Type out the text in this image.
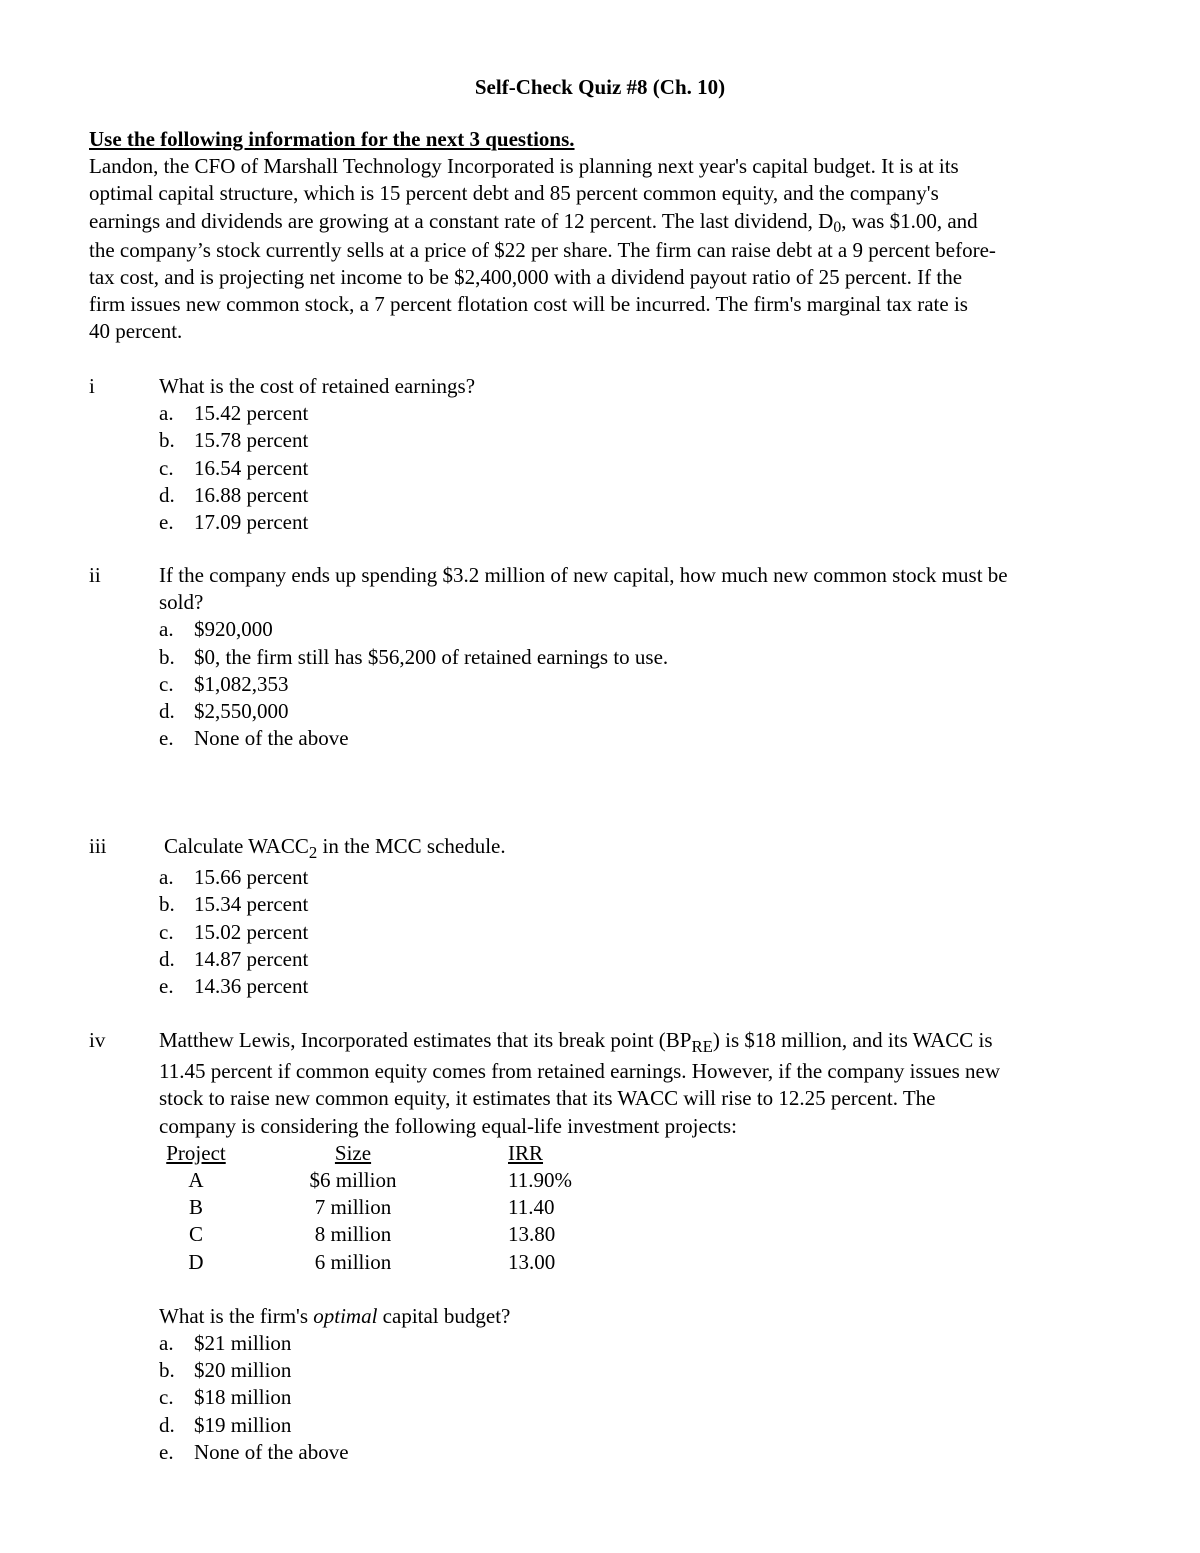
Self-Check Quiz #8 (Ch. 10)
Use the following information for the next 3 questions.
Landon, the CFO of Marshall Technology Incorporated is planning next year's capital budget. It is at its
optimal capital structure, which is 15 percent debt and 85 percent common equity, and the company's
earnings and dividends are growing at a constant rate of 12 percent. The last dividend, D0, was $1.00, and
the company’s stock currently sells at a price of $22 per share. The firm can raise debt at a 9 percent before-
tax cost, and is projecting net income to be $2,400,000 with a dividend payout ratio of 25 percent. If the
firm issues new common stock, a 7 percent flotation cost will be incurred. The firm's marginal tax rate is
40 percent.
i	What is the cost of retained earnings?
a. 15.42 percent
b. 15.78 percent
c. 16.54 percent
d. 16.88 percent
e. 17.09 percent
ii	If the company ends up spending $3.2 million of new capital, how much new common stock must be
sold?
a. $920,000
b. $0, the firm still has $56,200 of retained earnings to use.
c. $1,082,353
d. $2,550,000
e. None of the above
iii	Calculate $WACC_2$ in the MCC schedule.
a. 15.66 percent
b. 15.34 percent
c. 15.02 percent
d. 14.87 percent
e. 14.36 percent
iv	Matthew Lewis, Incorporated estimates that its break point $(BP_{RE})$ is $18 million, and its WACC is
11.45 percent if common equity comes from retained earnings. However, if the company issues new
stock to raise new common equity, it estimates that its WACC will rise to 12.25 percent. The
company is considering the following equal-life investment projects:
Project	Size	IRR
A	$6 million	11.90%
B	7 million	11.40
C	8 million	13.80
D	6 million	13.00
What is the firm's optimal capital budget?
a. $21 million
b. $20 million
c. $18 million
d. $19 million
e. None of the above
